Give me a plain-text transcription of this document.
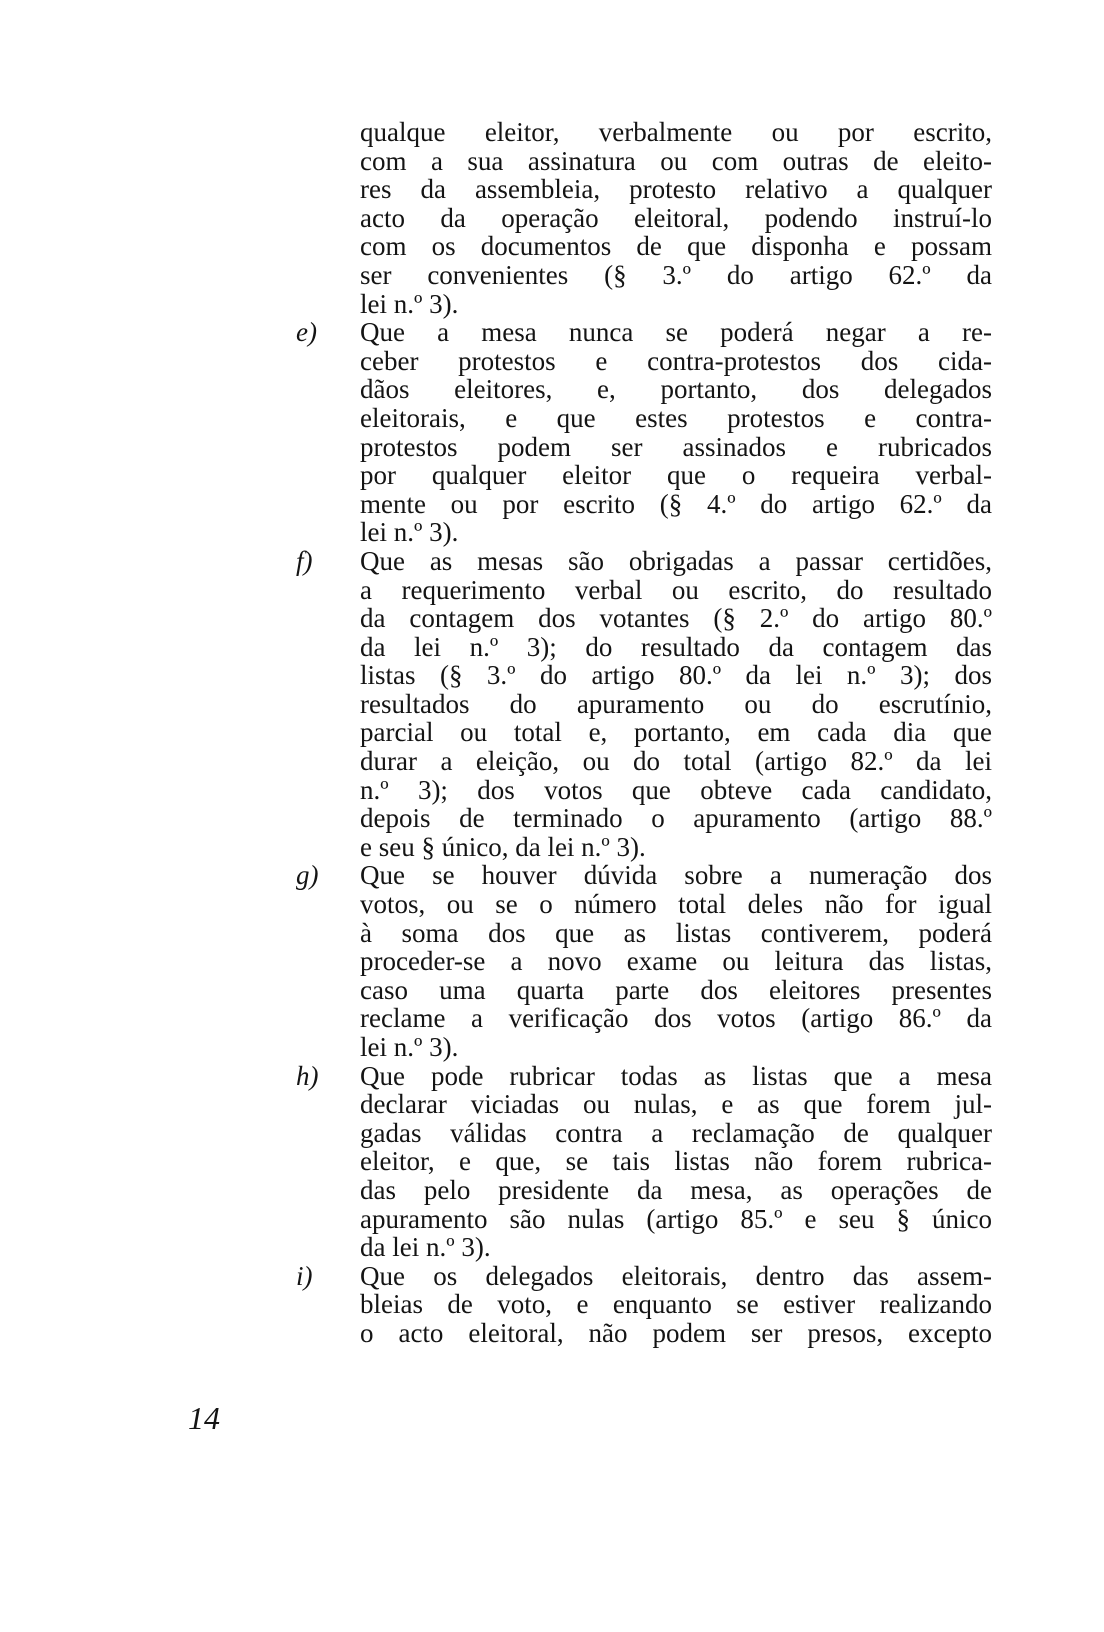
qualque eleitor, verbalmente ou por escrito,
com a sua assinatura ou com outras de eleito-
res da assembleia, protesto relativo a qualquer
acto da operação eleitoral, podendo instruí-lo
com os documentos de que disponha e possam
ser convenientes (§ 3.º do artigo 62.º da
lei n.º 3).
e) Que a mesa nunca se poderá negar a re-
ceber protestos e contra-protestos dos cida-
dãos eleitores, e, portanto, dos delegados
eleitorais, e que estes protestos e contra-
protestos podem ser assinados e rubricados
por qualquer eleitor que o requeira verbal-
mente ou por escrito (§ 4.º do artigo 62.º da
lei n.º 3).
f) Que as mesas são obrigadas a passar certidões,
a requerimento verbal ou escrito, do resultado
da contagem dos votantes (§ 2.º do artigo 80.º
da lei n.º 3); do resultado da contagem das
listas (§ 3.º do artigo 80.º da lei n.º 3); dos
resultados do apuramento ou do escrutínio,
parcial ou total e, portanto, em cada dia que
durar a eleição, ou do total (artigo 82.º da lei
n.º 3); dos votos que obteve cada candidato,
depois de terminado o apuramento (artigo 88.º
e seu § único, da lei n.º 3).
g) Que se houver dúvida sobre a numeração dos
votos, ou se o número total deles não for igual
à soma dos que as listas contiverem, poderá
proceder-se a novo exame ou leitura das listas,
caso uma quarta parte dos eleitores presentes
reclame a verificação dos votos (artigo 86.º da
lei n.º 3).
h) Que pode rubricar todas as listas que a mesa
declarar viciadas ou nulas, e as que forem jul-
gadas válidas contra a reclamação de qualquer
eleitor, e que, se tais listas não forem rubrica-
das pelo presidente da mesa, as operações de
apuramento são nulas (artigo 85.º e seu § único
da lei n.º 3).
i) Que os delegados eleitorais, dentro das assem-
bleias de voto, e enquanto se estiver realizando
o acto eleitoral, não podem ser presos, excepto
14
